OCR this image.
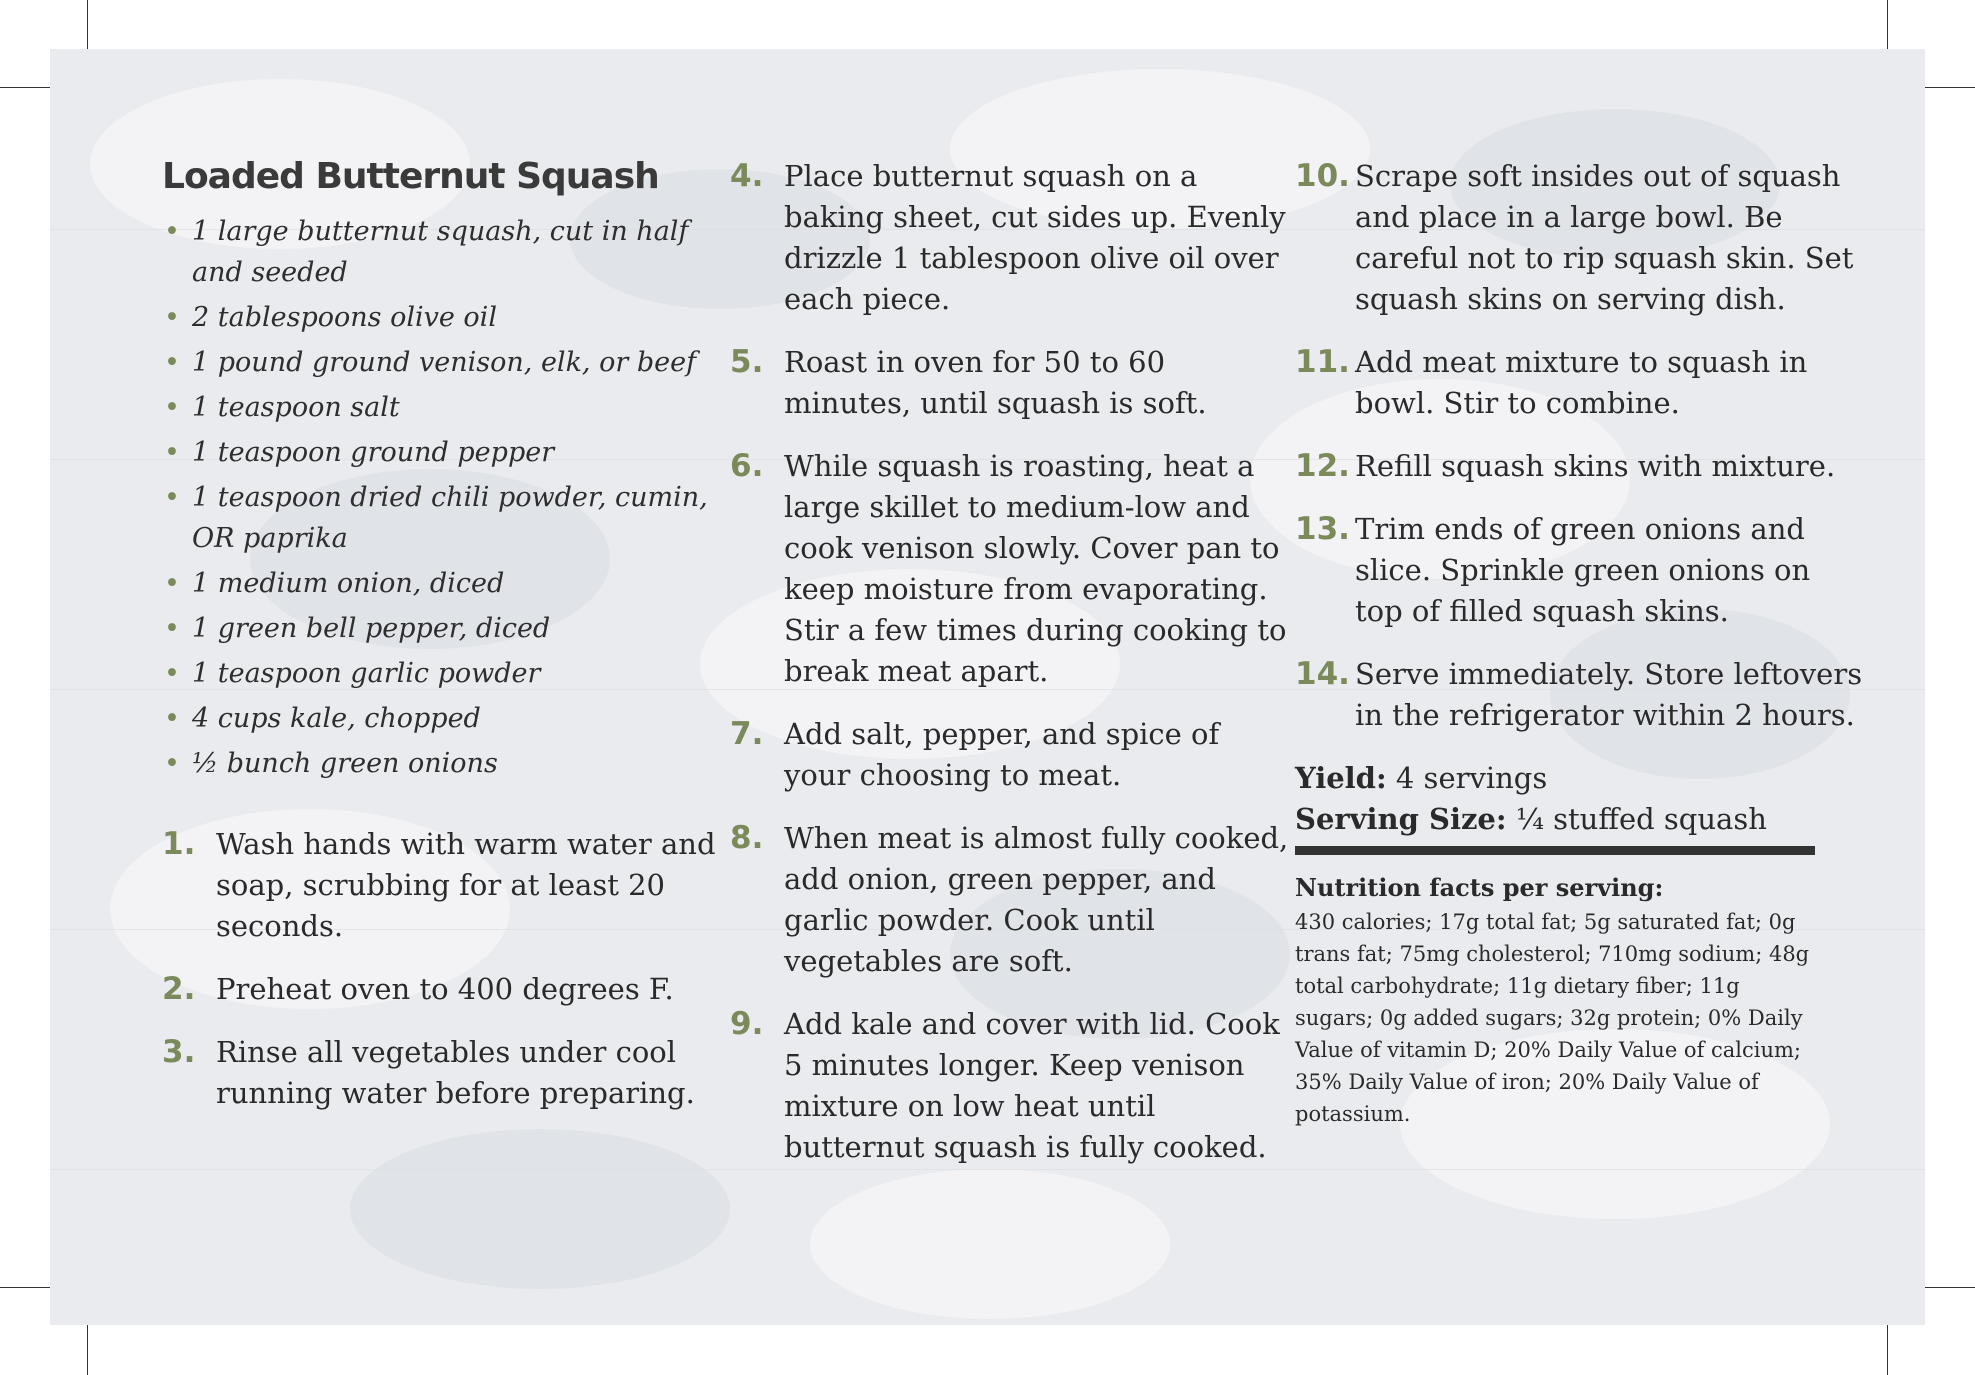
Loaded Butternut Squash
• 1 large butternut squash, cut in half and seeded
• 2 tablespoons olive oil
• 1 pound ground venison, elk, or beef
• 1 teaspoon salt
• 1 teaspoon ground pepper
• 1 teaspoon dried chili powder, cumin, OR paprika
• 1 medium onion, diced
• 1 green bell pepper, diced
• 1 teaspoon garlic powder
• 4 cups kale, chopped
• ½ bunch green onions
1. Wash hands with warm water and soap, scrubbing for at least 20 seconds.
2. Preheat oven to 400 degrees F.
3. Rinse all vegetables under cool running water before preparing.
4. Place butternut squash on a baking sheet, cut sides up. Evenly drizzle 1 tablespoon olive oil over each piece.
5. Roast in oven for 50 to 60 minutes, until squash is soft.
6. While squash is roasting, heat a large skillet to medium-low and cook venison slowly. Cover pan to keep moisture from evaporating. Stir a few times during cooking to break meat apart.
7. Add salt, pepper, and spice of your choosing to meat.
8. When meat is almost fully cooked, add onion, green pepper, and garlic powder. Cook until vegetables are soft.
9. Add kale and cover with lid. Cook 5 minutes longer. Keep venison mixture on low heat until butternut squash is fully cooked.
10. Scrape soft insides out of squash and place in a large bowl. Be careful not to rip squash skin. Set squash skins on serving dish.
11. Add meat mixture to squash in bowl. Stir to combine.
12. Refill squash skins with mixture.
13. Trim ends of green onions and slice. Sprinkle green onions on top of filled squash skins.
14. Serve immediately. Store leftovers in the refrigerator within 2 hours.
Yield: 4 servings
Serving Size: ¼ stuffed squash
Nutrition facts per serving:
430 calories; 17g total fat; 5g saturated fat; 0g trans fat; 75mg cholesterol; 710mg sodium; 48g total carbohydrate; 11g dietary fiber; 11g sugars; 0g added sugars; 32g protein; 0% Daily Value of vitamin D; 20% Daily Value of calcium; 35% Daily Value of iron; 20% Daily Value of potassium.
